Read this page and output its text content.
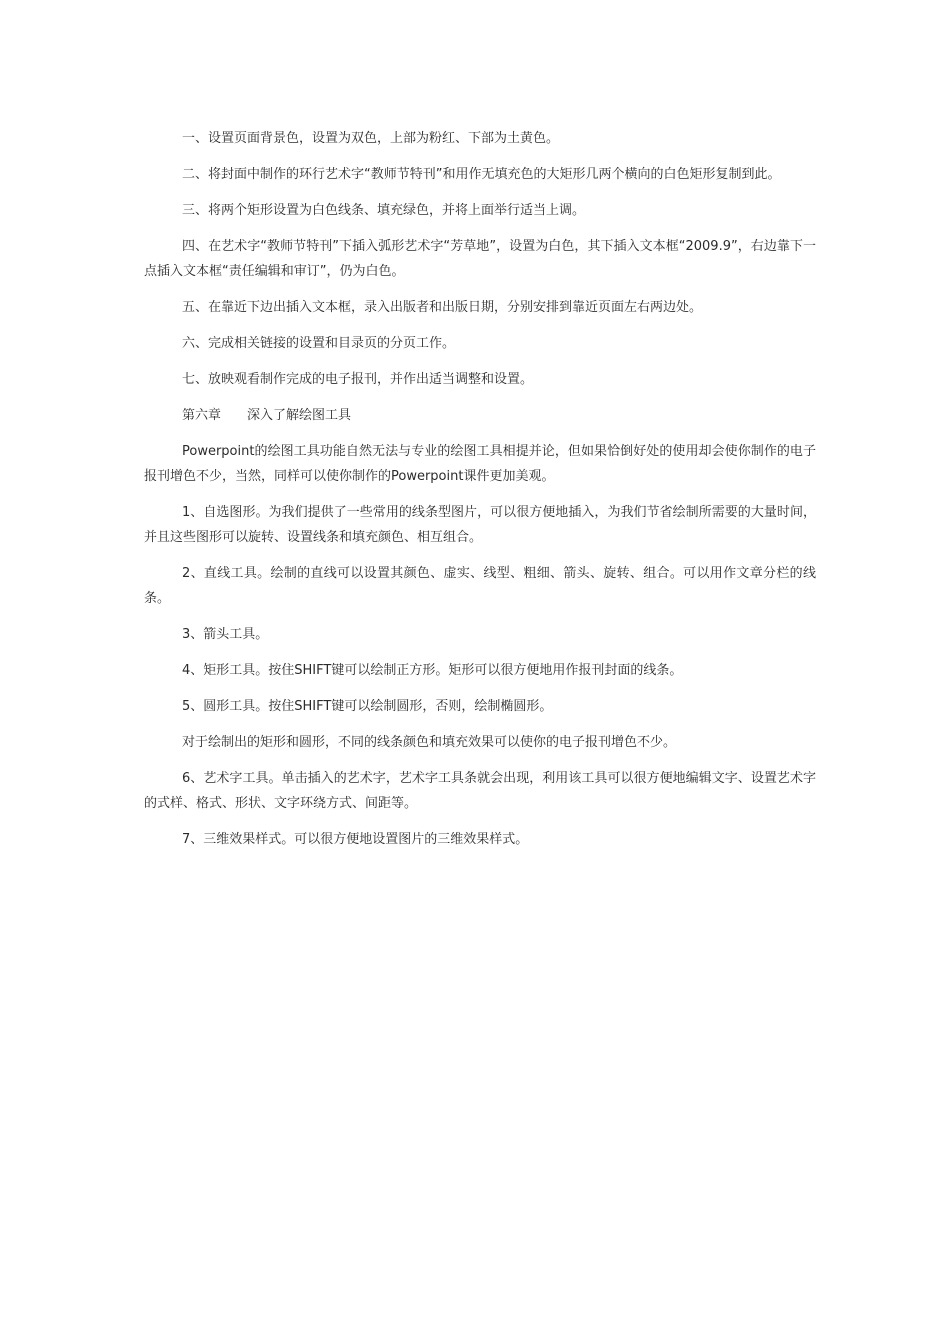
一、设置页面背景色，设置为双色，上部为粉红、下部为土黄色。

二、将封面中制作的环行艺术字“教师节特刊”和用作无填充色的大矩形几两个横向的白色矩形复制到此。

三、将两个矩形设置为白色线条、填充绿色，并将上面举行适当上调。

四、在艺术字“教师节特刊”下插入弧形艺术字“芳草地”，设置为白色，其下插入文本框“2009.9”，右边靠下一点插入文本框“责任编辑和审订”，仍为白色。

五、在靠近下边出插入文本框，录入出版者和出版日期，分别安排到靠近页面左右两边处。

六、完成相关链接的设置和目录页的分页工作。

七、放映观看制作完成的电子报刊，并作出适当调整和设置。

第六章　　深入了解绘图工具

Powerpoint的绘图工具功能自然无法与专业的绘图工具相提并论，但如果恰倒好处的使用却会使你制作的电子报刊增色不少，当然，同样可以使你制作的Powerpoint课件更加美观。

1、自选图形。为我们提供了一些常用的线条型图片，可以很方便地插入，为我们节省绘制所需要的大量时间，并且这些图形可以旋转、设置线条和填充颜色、相互组合。

2、直线工具。绘制的直线可以设置其颜色、虚实、线型、粗细、箭头、旋转、组合。可以用作文章分栏的线条。

3、箭头工具。

4、矩形工具。按住SHIFT键可以绘制正方形。矩形可以很方便地用作报刊封面的线条。

5、圆形工具。按住SHIFT键可以绘制圆形，否则，绘制椭圆形。

对于绘制出的矩形和圆形，不同的线条颜色和填充效果可以使你的电子报刊增色不少。

6、艺术字工具。单击插入的艺术字，艺术字工具条就会出现，利用该工具可以很方便地编辑文字、设置艺术字的式样、格式、形状、文字环绕方式、间距等。

7、三维效果样式。可以很方便地设置图片的三维效果样式。
